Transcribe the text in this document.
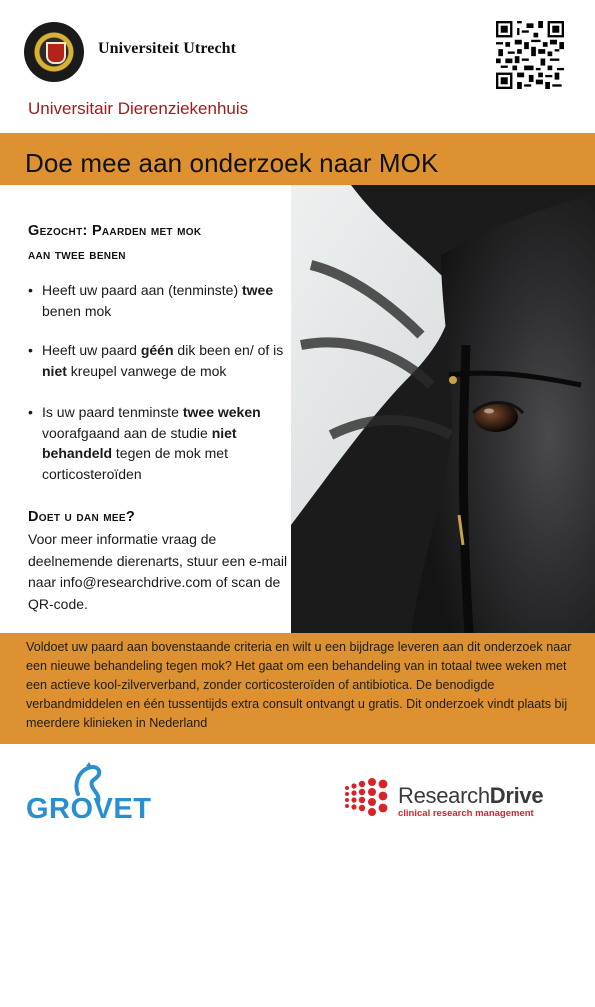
Universiteit Utrecht
Universitair Dierenziekenhuis
Doe mee aan onderzoek naar MOK
Gezocht: Paarden met mok
aan twee benen
• Heeft uw paard aan (tenminste) twee benen mok
• Heeft uw paard géén dik been en/ of is niet kreupel vanwege de mok
• Is uw paard tenminste twee weken voorafgaand aan de studie niet behandeld tegen de mok met corticosteroïden
Doet u dan mee?
Voor meer informatie vraag de deelnemende dierenarts, stuur een e-mail naar info@researchdrive.com of scan de QR-code.
Voldoet uw paard aan bovenstaande criteria en wilt u een bijdrage leveren aan dit onderzoek naar een nieuwe behandeling tegen mok? Het gaat om een behandeling van in totaal twee weken met een actieve kool-zilververband, zonder corticosteroïden of antibiotica. De benodigde verbandmiddelen en één tussentijds extra consult ontvangt u gratis. Dit onderzoek vindt plaats bij meerdere klinieken in Nederland
GROVET	ResearchDrive
clinical research management
